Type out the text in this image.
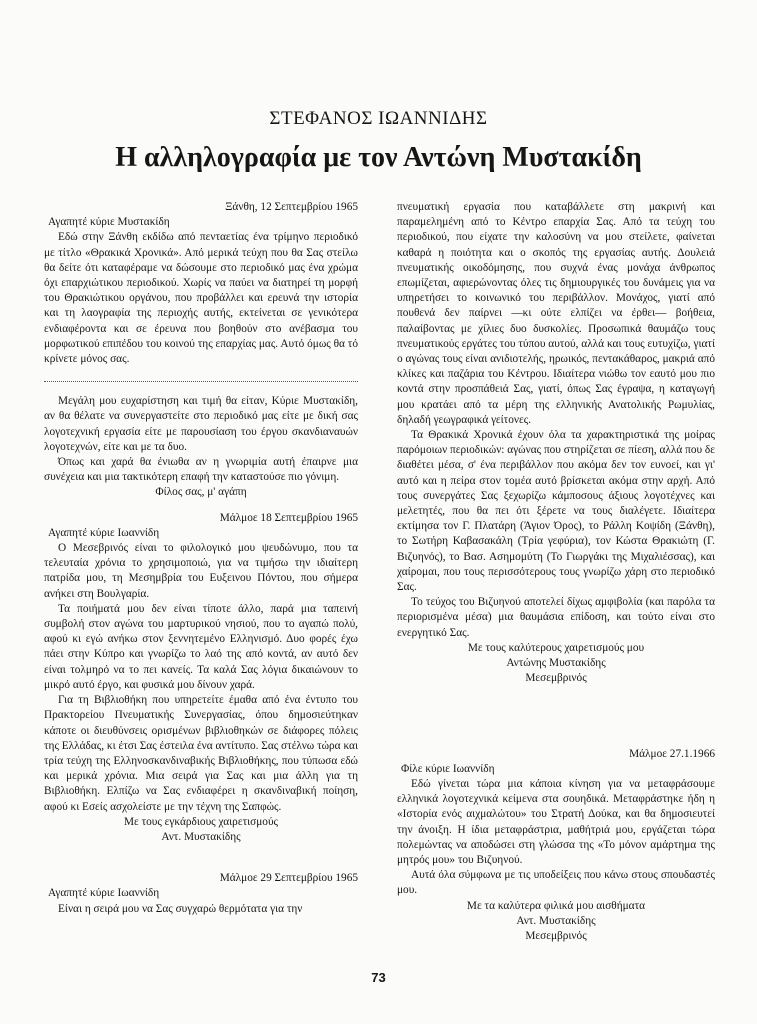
ΣΤΕΦΑΝΟΣ ΙΩΑΝΝΙΔΗΣ
Η αλληλογραφία με τον Αντώνη Μυστακίδη

Ξάνθη, 12 Σεπτεμβρίου 1965

Αγαπητέ κύριε Μυστακίδη

Εδώ στην Ξάνθη εκδίδω από πενταετίας ένα τρίμηνο περιοδικό με τίτλο «Θρακικά Χρονικά». Από μερικά τεύχη που θα Σας στείλω θα δείτε ότι καταφέραμε να δώσουμε στο περιοδικό μας ένα χρώμα όχι επαρχιώτικου περιοδικού. Χωρίς να παύει να διατηρεί τη μορφή του Θρακιώτικου οργάνου, που προβάλλει και ερευνά την ιστορία και τη λαογραφία της περιοχής αυτής, εκτείνεται σε γενικότερα ενδιαφέροντα και σε έρευνα που βοηθούν στο ανέβασμα του μορφωτικού επιπέδου του κοινού της επαρχίας μας. Αυτό όμως θα τό κρίνετε μόνος σας.

Μεγάλη μου ευχαρίστηση και τιμή θα είταν, Κύριε Μυστακίδη, αν θα θέλατε να συνεργαστείτε στο περιοδικό μας είτε με δική σας λογοτεχνική εργασία είτε με παρουσίαση του έργου σκανδιαναυών λογοτεχνών, είτε και με τα δυο.

Όπως και χαρά θα ένιωθα αν η γνωριμία αυτή έπαιρνε μια συνέχεια και μια τακτικότερη επαφή την καταστούσε πιο γόνιμη.

Φίλος σας, μ' αγάπη

Μάλμοε 18 Σεπτεμβρίου 1965

Αγαπητέ κύριε Ιωαννίδη

Ο Μεσεβρινός είναι το φιλολογικό μου ψευδώνυμο, που τα τελευταία χρόνια το χρησιμοποιώ, για να τιμήσω την ιδιαίτερη πατρίδα μου, τη Μεσημβρία του Ευξεινου Πόντου, που σήμερα ανήκει στη Βουλγαρία.

Τα ποιήματά μου δεν είναι τίποτε άλλο, παρά μια ταπεινή συμβολή στον αγώνα του μαρτυρικού νησιού, που το αγαπώ πολύ, αφού κι εγώ ανήκω στον ξεννητεμένο Ελληνισμό. Δυο φορές έχω πάει στην Κύπρο και γνωρίζω το λαό της από κοντά, αν αυτό δεν είναι τολμηρό να το πει κανείς. Τα καλά Σας λόγια δικαιώνουν το μικρό αυτό έργο, και φυσικά μου δίνουν χαρά.

Για τη Βιβλιοθήκη που υπηρετείτε έμαθα από ένα έντυπο του Πρακτορείου Πνευματικής Συνεργασίας, όπου δημοσιεύτηκαν κάποτε οι διευθύνσεις ορισμένων βιβλιοθηκών σε διάφορες πόλεις της Ελλάδας, κι έτσι Σας έστειλα ένα αντίτυπο. Σας στέλνω τώρα και τρία τεύχη της Ελληνοσκανδιναβικής Βιβλιοθήκης, που τύπωσα εδώ και μερικά χρόνια. Μια σειρά για Σας και μια άλλη για τη Βιβλιοθήκη. Ελπίζω να Σας ενδιαφέρει η σκανδιναβική ποίηση, αφού κι Εσείς ασχολείστε με την τέχνη της Σαπφώς.

Με τους εγκάρδιους χαιρετισμούς

Αντ. Μυστακίδης

Μάλμοε 29 Σεπτεμβρίου 1965

Αγαπητέ κύριε Ιωαννίδη

Είναι η σειρά μου να Σας συγχαρώ θερμότατα για την

πνευματική εργασία που καταβάλλετε στη μακρινή και παραμελημένη από το Κέντρο επαρχία Σας. Από τα τεύχη του περιοδικού, που είχατε την καλοσύνη να μου στείλετε, φαίνεται καθαρά η ποιότητα και ο σκοπός της εργασίας αυτής. Δουλειά πνευματικής οικοδόμησης, που συχνά ένας μονάχα άνθρωπος επωμίζεται, αφιερώνοντας όλες τις δημιουργικές του δυνάμεις για να υπηρετήσει το κοινωνικό του περιβάλλον. Μονάχος, γιατί από πουθενά δεν παίρνει —κι ούτε ελπίζει να έρθει— βοήθεια, παλαίβοντας με χίλιες δυο δυσκολίες. Προσωπικά θαυμάζω τους πνευματικούς εργάτες του τύπου αυτού, αλλά και τους ευτυχίζω, γιατί ο αγώνας τους είναι ανιδιοτελής, ηρωικός, πεντακάθαρος, μακριά από κλίκες και παζάρια του Κέντρου. Ιδιαίτερα νιώθω τον εαυτό μου πιο κοντά στην προσπάθειά Σας, γιατί, όπως Σας έγραψα, η καταγωγή μου κρατάει από τα μέρη της ελληνικής Ανατολικής Ρωμυλίας, δηλαδή γεωγραφικά γείτονες.

Τα Θρακικά Χρονικά έχουν όλα τα χαρακτηριστικά της μοίρας παρόμοιων περιοδικών: αγώνας που στηρίζεται σε πίεση, αλλά που δε διαθέτει μέσα, σ' ένα περιβάλλον που ακόμα δεν τον ευνοεί, και γι' αυτό και η πείρα στον τομέα αυτό βρίσκεται ακόμα στην αρχή. Από τους συνεργάτες Σας ξεχωρίζω κάμποσους άξιους λογοτέχνες και μελετητές, που θα πει ότι ξέρετε να τους διαλέγετε. Ιδιαίτερα εκτίμησα τον Γ. Πλατάρη (Άγιον Όρος), το Ράλλη Κοψίδη (Ξάνθη), το Σωτήρη Καβασακάλη (Τρία γεφύρια), τον Κώστα Θρακιώτη (Γ. Βιζυηνός), το Βασ. Ασημομύτη (Το Γιωργάκι της Μιχαλιέσσας), και χαίρομαι, που τους περισσότερους τους γνωρίζω χάρη στο περιοδικό Σας.

Το τεύχος του Βιζυηνού αποτελεί δίχως αμφιβολία (και παρόλα τα περιορισμένα μέσα) μια θαυμάσια επίδοση, και τούτο είναι στο ενεργητικό Σας.

Με τους καλύτερους χαιρετισμούς μου

Αντώνης Μυστακίδης

Μεσεμβρινός

Μάλμοε 27.1.1966

Φίλε κύριε Ιωαννίδη

Εδώ γίνεται τώρα μια κάποια κίνηση για να μεταφράσουμε ελληνικά λογοτεχνικά κείμενα στα σουηδικά. Μεταφράστηκε ήδη η «Ιστορία ενός αιχμαλώτου» του Στρατή Δούκα, και θα δημοσιευτεί την άνοιξη. Η ίδια μεταφράστρια, μαθήτριά μου, εργάζεται τώρα πολεμώντας να αποδώσει στη γλώσσα της «Το μόνον αμάρτημα της μητρός μου» του Βιζυηνού.

Αυτά όλα σύμφωνα με τις υποδείξεις που κάνω στους σπουδαστές μου.

Με τα καλύτερα φιλικά μου αισθήματα

Αντ. Μυστακίδης

Μεσεμβρινός

73
